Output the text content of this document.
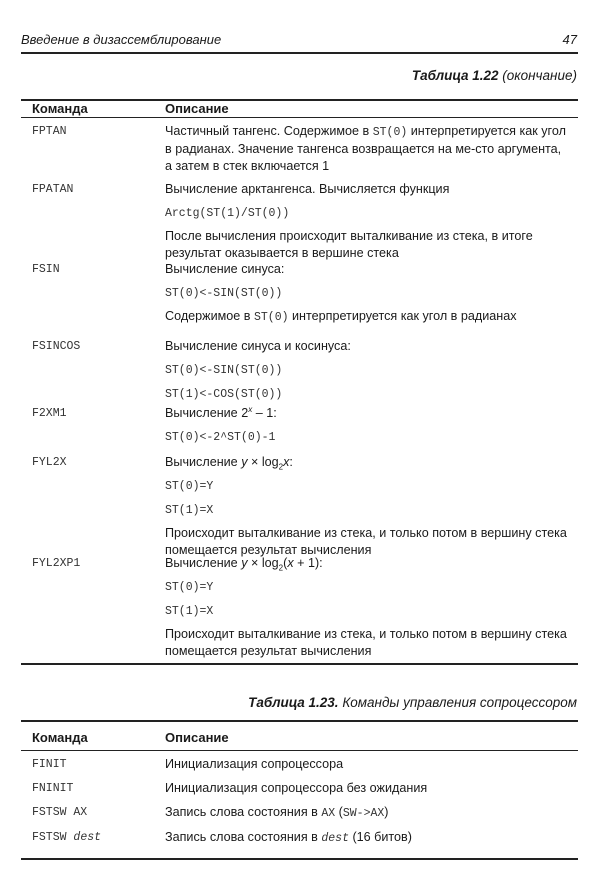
Введение в дизассемблирование	47
Таблица 1.22 (окончание)
Команда	Описание
FPTAN	Частичный тангенс. Содержимое в ST(0) интерпретируется как угол в радианах. Значение тангенса возвращается на ме-сто аргумента, а затем в стек включается 1

FPATAN	Вычисление арктангенса. Вычисляется функция

Arctg(ST(1)/ST(0))

После вычисления происходит выталкивание из стека, в итоге результат оказывается в вершине стека

FSIN	Вычисление синуса:

ST(0)<-SIN(ST(0))

Содержимое в ST(0) интерпретируется как угол в радианах

FSINCOS	Вычисление синуса и косинуса:

ST(0)<-SIN(ST(0))

ST(1)<-COS(ST(0))

F2XM1	Вычисление 2$^x$ – 1:

ST(0)<-2^ST(0)-1

FYL2X	Вычисление $y \times \log_2x$:

ST(0)=Y

ST(1)=X

Происходит выталкивание из стека, и только потом в вершину стека помещается результат вычисления

FYL2XP1	Вычисление $y \times \log_2(x + 1)$:

ST(0)=Y

ST(1)=X

Происходит выталкивание из стека, и только потом в вершину стека помещается результат вычисления

Таблица 1.23. Команды управления сопроцессором
Команда	Описание
FINIT	Инициализация сопроцессора

FNINIT	Инициализация сопроцессора без ожидания

FSTSW AX	Запись слова состояния в AX (SW->AX)

FSTSW dest	Запись слова состояния в dest (16 битов)
